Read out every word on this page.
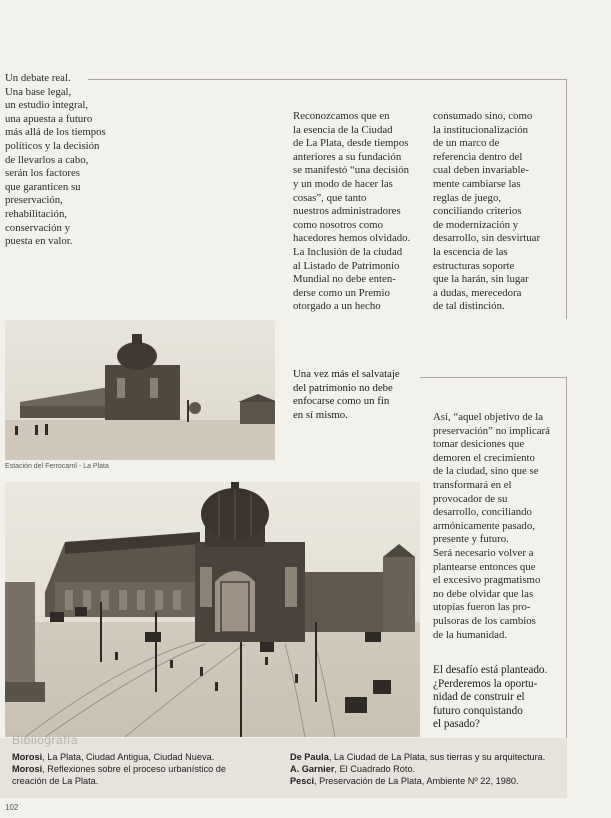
Un debate real.
Una base legal,
un estudio integral,
una apuesta a futuro
más allá de los tiempos
políticos y la decisión
de llevarlos a cabo,
serán los factores
que garanticen su
preservación,
rehabilitación,
conservación y
puesta en valor.
Reconozcamos que en
la esencia de la Ciudad
de La Plata, desde tiempos
anteriores a su fundación
se manifestó “una decisión
y un modo de hacer las
cosas”, que tanto
nuestros administradores
como nosotros como
hacedores hemos olvidado.
La Inclusión de la ciudad
al Listado de Patrimonio
Mundial no debe enten-
derse como un Premio
otorgado a un hecho
consumado sino, como
la institucionalización
de un marco de
referencia dentro del
cual deben invariable-
mente cambiarse las
reglas de juego,
conciliando criterios
de modernización y
desarrollo, sin desvirtuar
la escencia de las
estructuras soporte
que la harán, sin lugar
a dudas, merecedora
de tal distinción.
Estación del Ferrocarril - La Plata
Una vez más el salvataje
del patrimonio no debe
enfocarse como un fin
en sí mismo.	Así, “aquel objetivo de la
preservación” no implicará
tomar desiciones que
demoren el crecimiento
de la ciudad, sino que se
transformará en el
provocador de su
desarrollo, conciliando
armónicamente pasado,
presente y futuro.
Será necesario volver a
plantearse entonces que
el excesivo pragmatismo
no debe olvidar que las
utopías fueron las pro-
pulsoras de los cambios
de la humanidad.
El desafío está planteado.
¿Perderemos la oportu-
nidad de construir el
futuro conquistando
el pasado?
Bibliografía
Morosi, La Plata, Ciudad Antigua, Ciudad Nueva.
Morosi, Reflexiones sobre el proceso urbanístico de
creación de La Plata.
De Paula, La Ciudad de La Plata, sus tierras y su arquitectura.
A. Garnier, El Cuadrado Roto.
Pesci, Preservación de La Plata, Ambiente Nº 22, 1980.
102
